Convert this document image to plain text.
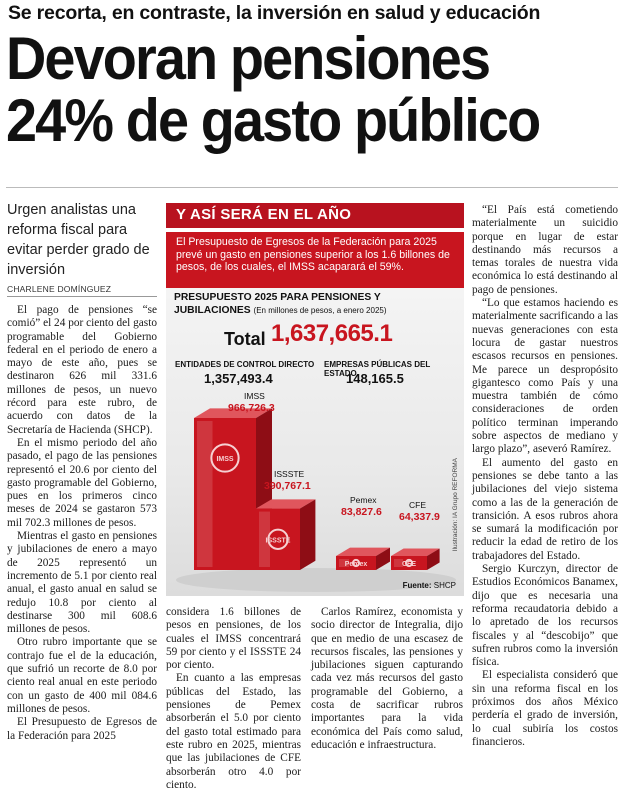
Se recorta, en contraste, la inversión en salud y educación
Devoran pensiones
24% de gasto público
Urgen analistas una reforma fiscal para evitar perder grado de inversión
CHARLENE DOMÍNGUEZ

El pago de pensiones “se comió” el 24 por ciento del gasto programable del Gobierno federal en el periodo de enero a mayo de este año, pues se destinaron 626 mil 331.6 millones de pesos, un nuevo récord para este rubro, de acuerdo con datos de la Secretaría de Hacienda (SHCP).

En el mismo periodo del año pasado, el pago de las pensiones representó el 20.6 por ciento del gasto programable del Gobierno, pues en los primeros cinco meses de 2024 se gastaron 573 mil 702.3 millones de pesos.

Mientras el gasto en pensiones y jubilaciones de enero a mayo de 2025 representó un incremento de 5.1 por ciento real anual, el gasto anual en salud se redujo 10.8 por ciento al destinarse 300 mil 608.6 millones de pesos.

Otro rubro importante que se contrajo fue el de la educación, que sufrió un recorte de 8.0 por ciento real anual en este periodo con un gasto de 400 mil 084.6 millones de pesos.

El Presupuesto de Egresos de la Federación para 2025

Y ASÍ SERÁ EN EL AÑO
El Presupuesto de Egresos de la Federación para 2025 prevé un gasto en pensiones superior a los 1.6 billones de pesos, de los cuales, el IMSS acaparará el 59%.
IMSS
ISSSTE
Pemex	CFE
PRESUPUESTO 2025 PARA PENSIONES Y JUBILACIONES (En millones de pesos, a enero 2025)
Total 1,637,665.1
ENTIDADES DE CONTROL DIRECTO
1,357,493.4
EMPRESAS PÚBLICAS DEL ESTADO
148,165.5
IMSS
966,726.3
ISSSTE
390,767.1
Pemex
83,827.6
CFE
64,337.9 Ilustración: IA Grupo REFORMA
Fuente: SHCP

considera 1.6 billones de pesos en pensiones, de los cuales el IMSS concentrará 59 por ciento y el ISSSTE 24 por ciento.

En cuanto a las empresas públicas del Estado, las pensiones de Pemex absorberán el 5.0 por ciento del gasto total estimado para este rubro en 2025, mientras que las jubilaciones de CFE absorberán otro 4.0 por ciento.

Carlos Ramírez, economista y socio director de Integralia, dijo que en medio de una escasez de recursos fiscales, las pensiones y jubilaciones siguen capturando cada vez más recursos del gasto programable del Gobierno, a costa de sacrificar rubros importantes para la vida económica del País como salud, educación e infraestructura.

“El País está cometiendo materialmente un suicidio porque en lugar de estar destinando más recursos a temas torales de nuestra vida económica lo está destinando al pago de pensiones.

“Lo que estamos haciendo es materialmente sacrificando a las nuevas generaciones con esta locura de gastar nuestros escasos recursos en pensiones. Me parece un despropósito gigantesco como País y una muestra también de cómo consideraciones de orden político terminan imperando sobre aspectos de mediano y largo plazo”, aseveró Ramírez.

El aumento del gasto en pensiones se debe tanto a las jubilaciones del viejo sistema como a las de la generación de transición. A esos rubros ahora se sumará la modificación por reducir la edad de retiro de los trabajadores del Estado.

Sergio Kurczyn, director de Estudios Económicos Banamex, dijo que es necesaria una reforma recaudatoria debido a lo apretado de los recursos fiscales y al “descobijo” que sufren rubros como la inversión física.

El especialista consideró que sin una reforma fiscal en los próximos dos años México perdería el grado de inversión, lo cual subiría los costos financieros.
